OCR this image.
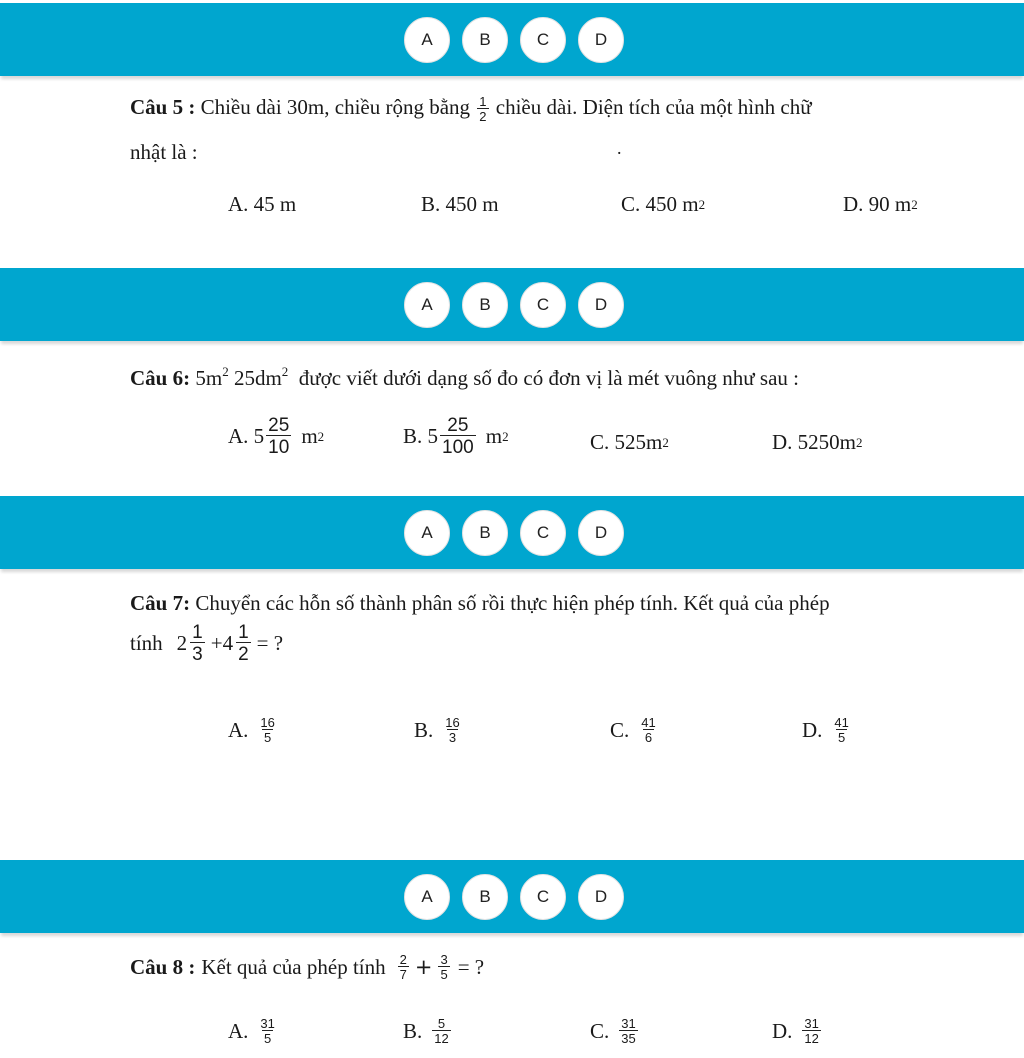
A	B	C	D
Câu 5 : Chiều dài 30m, chiều rộng bằng $\frac{1}{2}$ chiều dài. Diện tích của một hình chữ
nhật là :	.
A. 45 m	B. 450 m	C. 450 m 2	D. 90 m 2
A	B	C	D
Câu 6: $5m^2$ $25dm^2$ được viết dưới dạng số đo có đơn vị là mét vuông như sau :
A. $5 \frac{25}{10}$ m 2	B. $5 \frac{25}{100}$ m 2	C. 525m 2	D. 5250m 2
A	B	C	D
Câu 7: Chuyển các hỗn số thành phân số rồi thực hiện phép tính. Kết quả của phép
tính $2 \frac{1}{3} +4 \frac{1}{2}$ = ?
A. $\frac{16}{5}$	B. $\frac{16}{3}$	C. $\frac{41}{6}$	D. $\frac{41}{5}$
A	B	C	D
Câu 8 : Kết quả của phép tính $\frac{2}{7} + \frac{3}{5}$ = ?
A. $\frac{31}{5}$	B. $\frac{5}{12}$	C. $\frac{31}{35}$	D. $\frac{31}{12}$
